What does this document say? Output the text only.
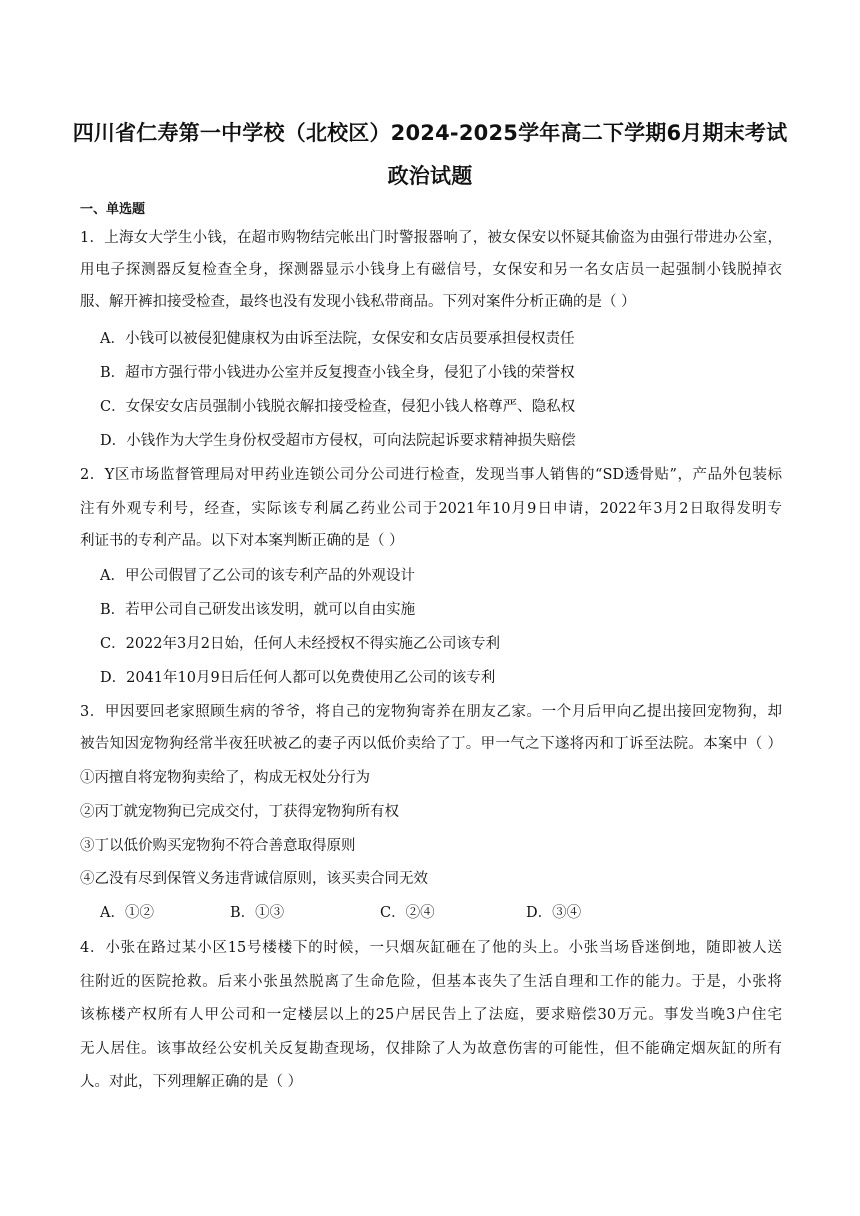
四川省仁寿第一中学校（北校区）2024-2025学年高二下学期6月期末考试
政治试题
一、单选题
1．上海女大学生小钱，在超市购物结完帐出门时警报器响了，被女保安以怀疑其偷盗为由强行带进办公室，
用电子探测器反复检查全身，探测器显示小钱身上有磁信号，女保安和另一名女店员一起强制小钱脱掉衣
服、解开裤扣接受检查，最终也没有发现小钱私带商品。下列对案件分析正确的是（ ）
A．小钱可以被侵犯健康权为由诉至法院，女保安和女店员要承担侵权责任
B．超市方强行带小钱进办公室并反复搜查小钱全身，侵犯了小钱的荣誉权
C．女保安女店员强制小钱脱衣解扣接受检查，侵犯小钱人格尊严、隐私权
D．小钱作为大学生身份权受超市方侵权，可向法院起诉要求精神损失赔偿
2．Y区市场监督管理局对甲药业连锁公司分公司进行检查，发现当事人销售的“SD透骨贴”，产品外包装标
注有外观专利号，经查，实际该专利属乙药业公司于2021年10月9日申请，2022年3月2日取得发明专
利证书的专利产品。以下对本案判断正确的是（ ）
A．甲公司假冒了乙公司的该专利产品的外观设计
B．若甲公司自己研发出该发明，就可以自由实施
C．2022年3月2日始，任何人未经授权不得实施乙公司该专利
D．2041年10月9日后任何人都可以免费使用乙公司的该专利
3．甲因要回老家照顾生病的爷爷，将自己的宠物狗寄养在朋友乙家。一个月后甲向乙提出接回宠物狗，却
被告知因宠物狗经常半夜狂吠被乙的妻子丙以低价卖给了丁。甲一气之下遂将丙和丁诉至法院。本案中（ ）
①丙擅自将宠物狗卖给了，构成无权处分行为
②丙丁就宠物狗已完成交付，丁获得宠物狗所有权
③丁以低价购买宠物狗不符合善意取得原则
④乙没有尽到保管义务违背诚信原则，该买卖合同无效
A．①②	B．①③	C．②④	D．③④
4．小张在路过某小区15号楼楼下的时候，一只烟灰缸砸在了他的头上。小张当场昏迷倒地，随即被人送
往附近的医院抢救。后来小张虽然脱离了生命危险，但基本丧失了生活自理和工作的能力。于是，小张将
该栋楼产权所有人甲公司和一定楼层以上的25户居民告上了法庭，要求赔偿30万元。事发当晚3户住宅
无人居住。该事故经公安机关反复勘查现场，仅排除了人为故意伤害的可能性，但不能确定烟灰缸的所有
人。对此，下列理解正确的是（ ）
